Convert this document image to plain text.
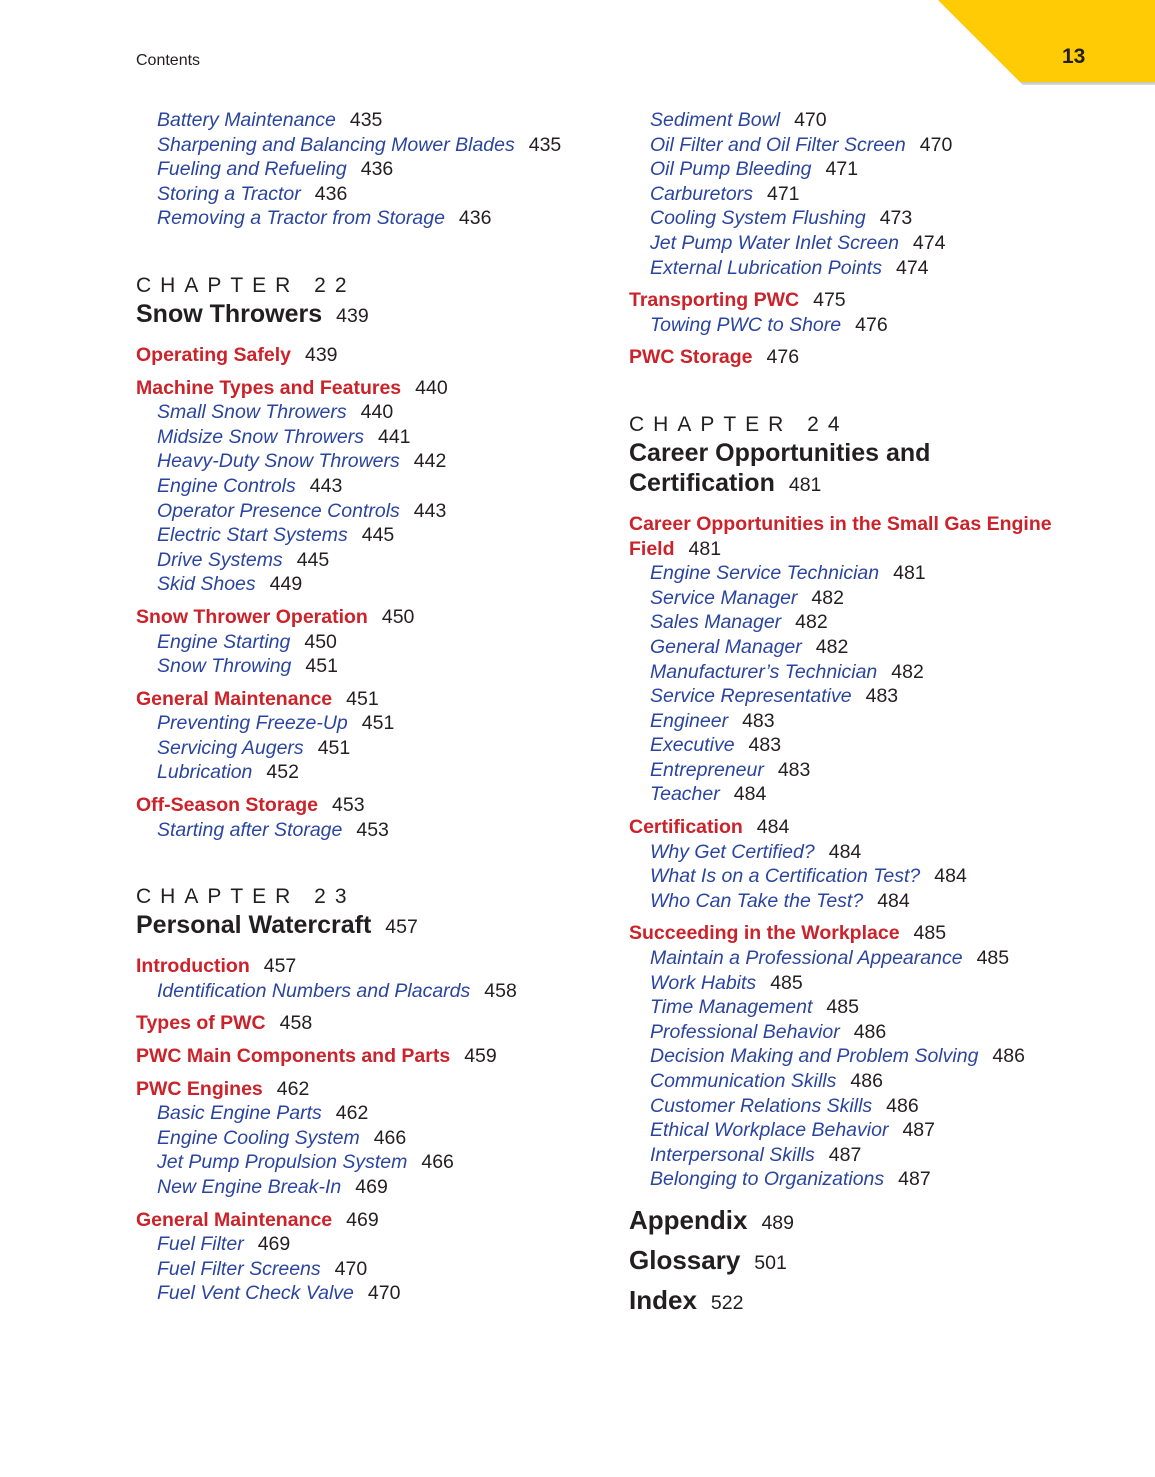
13
Contents
Battery Maintenance 435
Sharpening and Balancing Mower Blades 435
Fueling and Refueling 436
Storing a Tractor 436
Removing a Tractor from Storage 436
CHAPTER 22
Snow Throwers 439
Operating Safely 439
Machine Types and Features 440
Small Snow Throwers 440
Midsize Snow Throwers 441
Heavy-Duty Snow Throwers 442
Engine Controls 443
Operator Presence Controls 443
Electric Start Systems 445
Drive Systems 445
Skid Shoes 449
Snow Thrower Operation 450
Engine Starting 450
Snow Throwing 451
General Maintenance 451
Preventing Freeze-Up 451
Servicing Augers 451
Lubrication 452
Off-Season Storage 453
Starting after Storage 453
CHAPTER 23
Personal Watercraft 457
Introduction 457
Identification Numbers and Placards 458
Types of PWC 458
PWC Main Components and Parts 459
PWC Engines 462
Basic Engine Parts 462
Engine Cooling System 466
Jet Pump Propulsion System 466
New Engine Break-In 469
General Maintenance 469
Fuel Filter 469
Fuel Filter Screens 470
Fuel Vent Check Valve 470
Sediment Bowl 470
Oil Filter and Oil Filter Screen 470
Oil Pump Bleeding 471
Carburetors 471
Cooling System Flushing 473
Jet Pump Water Inlet Screen 474
External Lubrication Points 474
Transporting PWC 475
Towing PWC to Shore 476
PWC Storage 476
CHAPTER 24
Career Opportunities and
Certification 481
Career Opportunities in the Small Gas Engine
Field 481
Engine Service Technician 481
Service Manager 482
Sales Manager 482
General Manager 482
Manufacturer’s Technician 482
Service Representative 483
Engineer 483
Executive 483
Entrepreneur 483
Teacher 484
Certification 484
Why Get Certified? 484
What Is on a Certification Test? 484
Who Can Take the Test? 484
Succeeding in the Workplace 485
Maintain a Professional Appearance 485
Work Habits 485
Time Management 485
Professional Behavior 486
Decision Making and Problem Solving 486
Communication Skills 486
Customer Relations Skills 486
Ethical Workplace Behavior 487
Interpersonal Skills 487
Belonging to Organizations 487
Appendix 489
Glossary 501
Index 522
